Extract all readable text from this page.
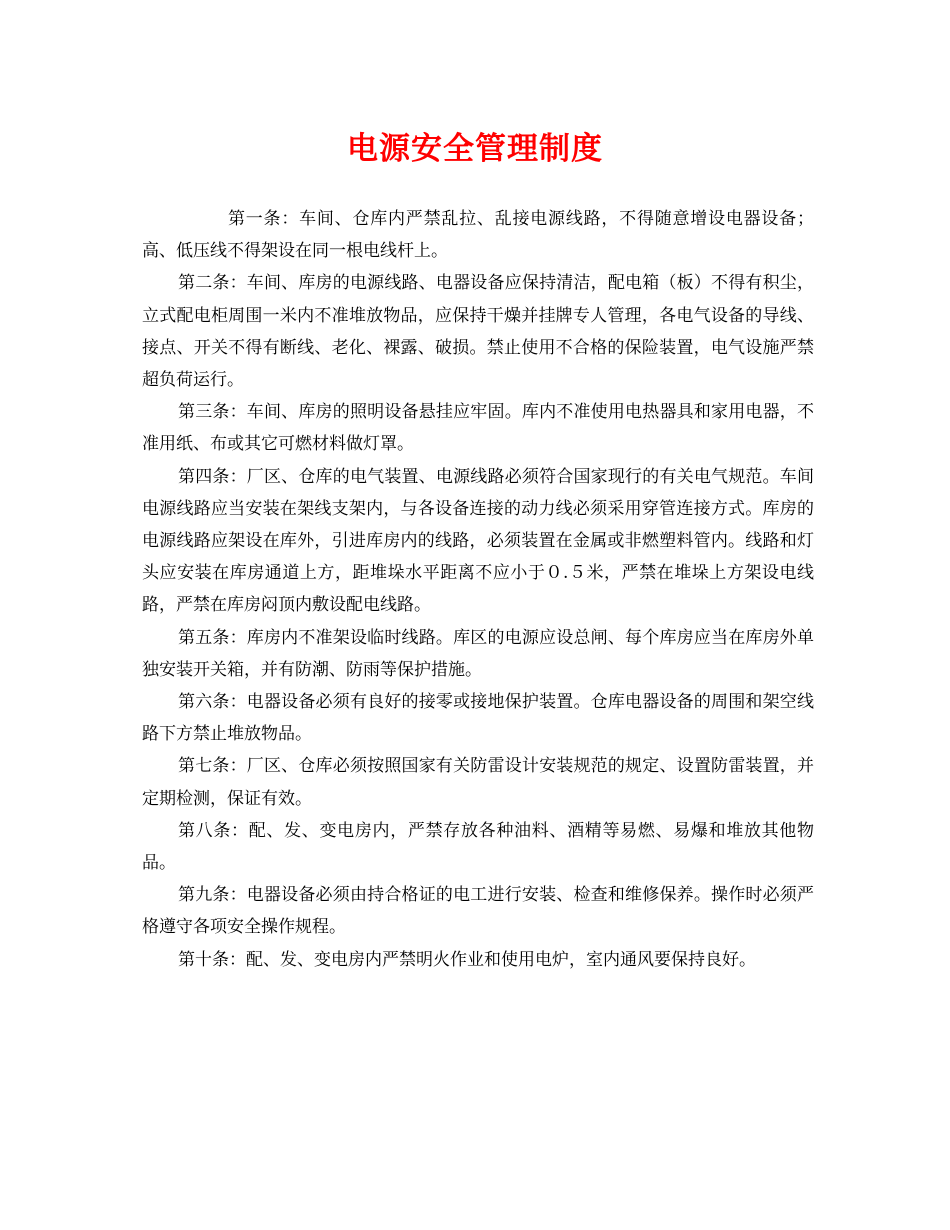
电源安全管理制度

第一条：车间、仓库内严禁乱拉、乱接电源线路，不得随意增设电器设备；高、低压线不得架设在同一根电线杆上。

第二条：车间、库房的电源线路、电器设备应保持清洁，配电箱（板）不得有积尘，立式配电柜周围一米内不准堆放物品，应保持干燥并挂牌专人管理，各电气设备的导线、接点、开关不得有断线、老化、裸露、破损。禁止使用不合格的保险装置，电气设施严禁超负荷运行。

第三条：车间、库房的照明设备悬挂应牢固。库内不准使用电热器具和家用电器，不准用纸、布或其它可燃材料做灯罩。

第四条：厂区、仓库的电气装置、电源线路必须符合国家现行的有关电气规范。车间电源线路应当安装在架线支架内，与各设备连接的动力线必须采用穿管连接方式。库房的电源线路应架设在库外，引进库房内的线路，必须装置在金属或非燃塑料管内。线路和灯头应安装在库房通道上方，距堆垛水平距离不应小于０.５米，严禁在堆垛上方架设电线路，严禁在库房闷顶内敷设配电线路。

第五条：库房内不准架设临时线路。库区的电源应设总闸、每个库房应当在库房外单独安装开关箱，并有防潮、防雨等保护措施。

第六条：电器设备必须有良好的接零或接地保护装置。仓库电器设备的周围和架空线路下方禁止堆放物品。

第七条：厂区、仓库必须按照国家有关防雷设计安装规范的规定、设置防雷装置，并定期检测，保证有效。

第八条：配、发、变电房内，严禁存放各种油料、酒精等易燃、易爆和堆放其他物品。

第九条：电器设备必须由持合格证的电工进行安装、检查和维修保养。操作时必须严格遵守各项安全操作规程。

第十条：配、发、变电房内严禁明火作业和使用电炉，室内通风要保持良好。
